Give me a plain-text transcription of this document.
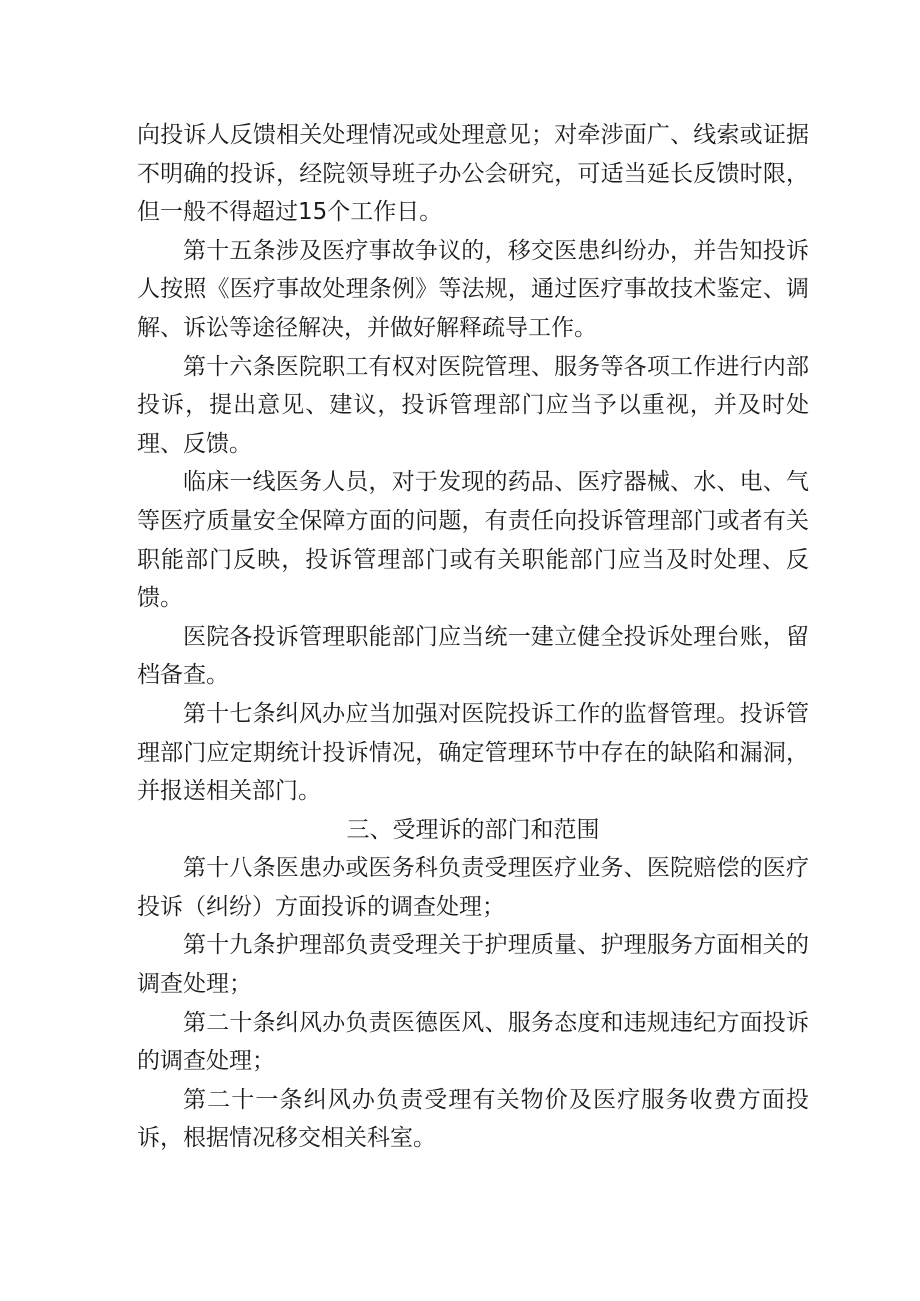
向投诉人反馈相关处理情况或处理意见；对牵涉面广、线索或证据不明确的投诉，经院领导班子办公会研究，可适当延长反馈时限，但一般不得超过15个工作日。

第十五条涉及医疗事故争议的，移交医患纠纷办，并告知投诉人按照《医疗事故处理条例》等法规，通过医疗事故技术鉴定、调解、诉讼等途径解决，并做好解释疏导工作。

第十六条医院职工有权对医院管理、服务等各项工作进行内部投诉，提出意见、建议，投诉管理部门应当予以重视，并及时处理、反馈。

临床一线医务人员，对于发现的药品、医疗器械、水、电、气等医疗质量安全保障方面的问题，有责任向投诉管理部门或者有关职能部门反映，投诉管理部门或有关职能部门应当及时处理、反馈。

医院各投诉管理职能部门应当统一建立健全投诉处理台账，留档备查。

第十七条纠风办应当加强对医院投诉工作的监督管理。投诉管理部门应定期统计投诉情况，确定管理环节中存在的缺陷和漏洞，并报送相关部门。

三、受理诉的部门和范围

第十八条医患办或医务科负责受理医疗业务、医院赔偿的医疗投诉（纠纷）方面投诉的调查处理；

第十九条护理部负责受理关于护理质量、护理服务方面相关的调查处理；

第二十条纠风办负责医德医风、服务态度和违规违纪方面投诉的调查处理；

第二十一条纠风办负责受理有关物价及医疗服务收费方面投诉，根据情况移交相关科室。
